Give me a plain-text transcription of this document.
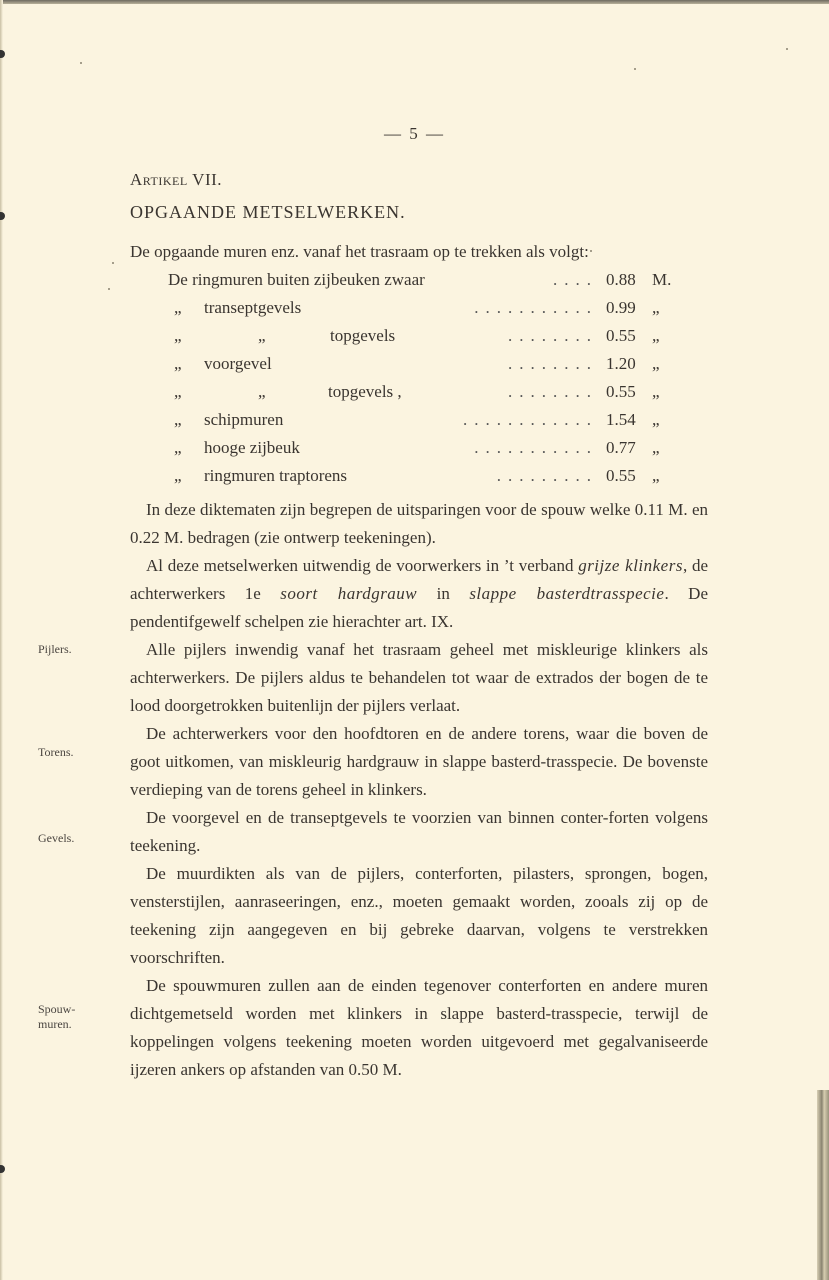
— 5 —
Artikel VII.
OPGAANDE METSELWERKEN.
De opgaande muren enz. vanaf het trasraam op te trekken als volgt:
De ringmuren buiten zijbeuken zwaar	.... 0.88 M.
„ transeptgevels	........... 0.99 „
„	„	topgevels	........ 0.55 „
„ voorgevel	........ 1.20 „
„	„	topgevels ,	........ 0.55 „
„ schipmuren	............ 1.54 „
„ hooge zijbeuk	........... 0.77 „
„ ringmuren traptorens	......... 0.55 „

In deze diktematen zijn begrepen de uitsparingen voor de spouw welke 0.11 M. en 0.22 M. bedragen (zie ontwerp teekeningen).

Al deze metselwerken uitwendig de voorwerkers in ’t verband grijze klinkers, de achterwerkers 1e soort hardgrauw in slappe basterdtrasspecie. De pendentifgewelf schelpen zie hierachter art. IX.

Alle pijlers inwendig vanaf het trasraam geheel met miskleurige klinkers als achterwerkers. De pijlers aldus te behandelen tot waar de extrados der bogen de te lood doorgetrokken buitenlijn der pijlers verlaat.

De achterwerkers voor den hoofdtoren en de andere torens, waar die boven de goot uitkomen, van miskleurig hardgrauw in slappe basterd-trasspecie. De bovenste verdieping van de torens geheel in klinkers.

De voorgevel en de transeptgevels te voorzien van binnen conter-forten volgens teekening.

De muurdikten als van de pijlers, conterforten, pilasters, sprongen, bogen, vensterstijlen, aanraseeringen, enz., moeten gemaakt worden, zooals zij op de teekening zijn aangegeven en bij gebreke daarvan, volgens te verstrekken voorschriften.

De spouwmuren zullen aan de einden tegenover conterforten en andere muren dichtgemetseld worden met klinkers in slappe basterd-trasspecie, terwijl de koppelingen volgens teekening moeten worden uitgevoerd met gegalvaniseerde ijzeren ankers op afstanden van 0.50 M.

Pijlers.
Torens.
Gevels.
Spouw-
muren.
